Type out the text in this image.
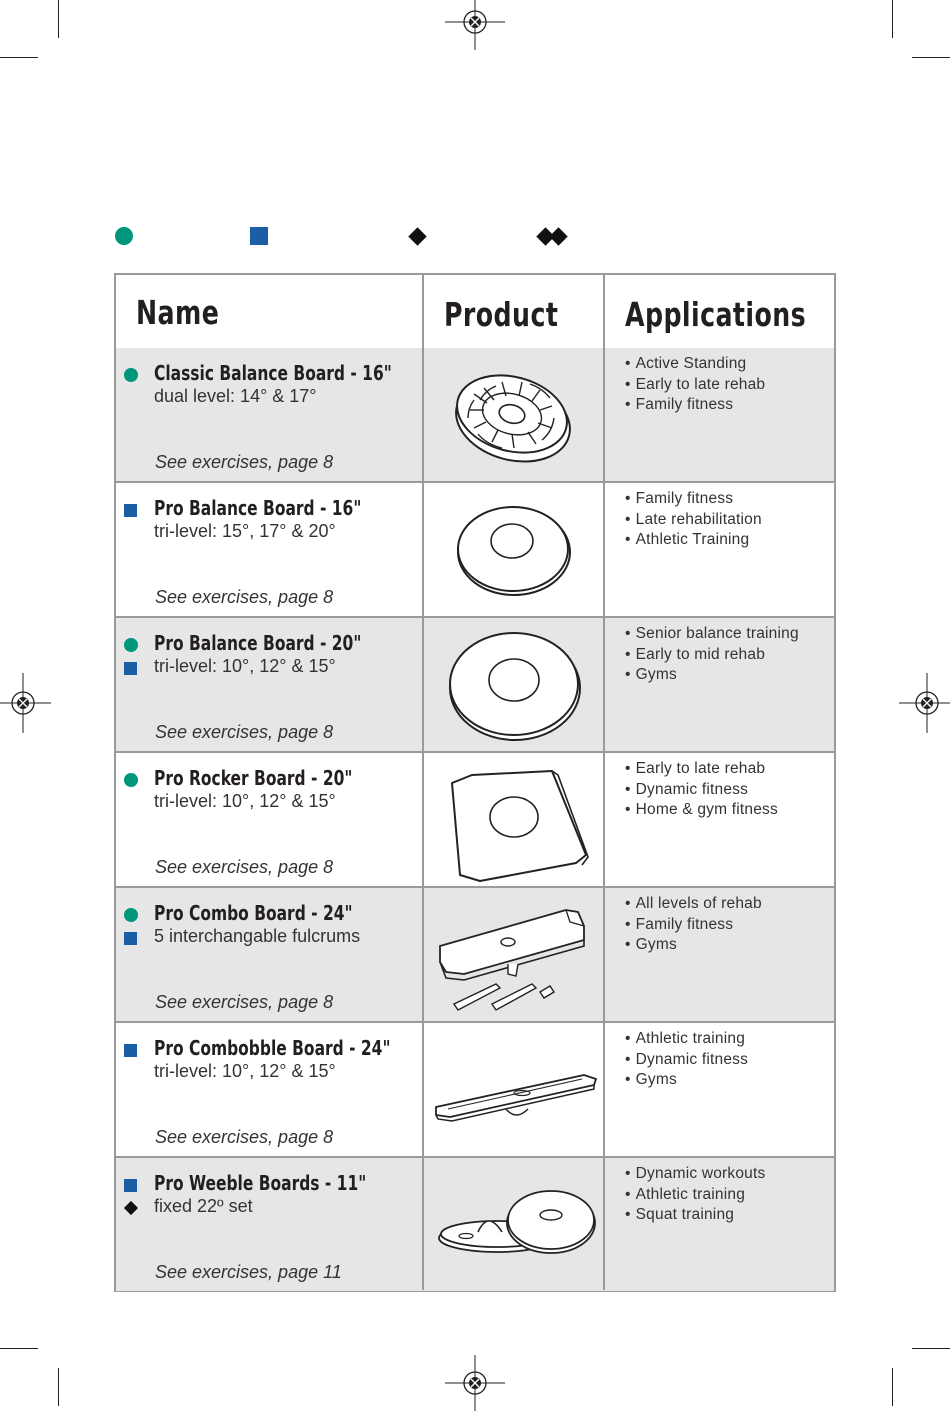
Name	Product Applications
Classic Balance Board - 16"
dual level: 14° & 17°
See exercises, page 8
• Active Standing
• Early to late rehab
• Family fitness
Pro Balance Board - 16"
tri-level: 15°, 17° & 20°
See exercises, page 8
• Family fitness
• Late rehabilitation
• Athletic Training
Pro Balance Board - 20"
tri-level: 10°, 12° & 15°
See exercises, page 8
• Senior balance training
• Early to mid rehab
• Gyms
Pro Rocker Board - 20"
tri-level: 10°, 12° & 15°
See exercises, page 8
• Early to late rehab
• Dynamic fitness
• Home & gym fitness
Pro Combo Board - 24"
5 interchangable fulcrums
See exercises, page 8
• All levels of rehab
• Family fitness
• Gyms
Pro Combobble Board - 24"
tri-level: 10°, 12° & 15°
See exercises, page 8
• Athletic training
• Dynamic fitness
• Gyms
Pro Weeble Boards - 11"
fixed 22º set
See exercises, page 11
• Dynamic workouts
• Athletic training
• Squat training
